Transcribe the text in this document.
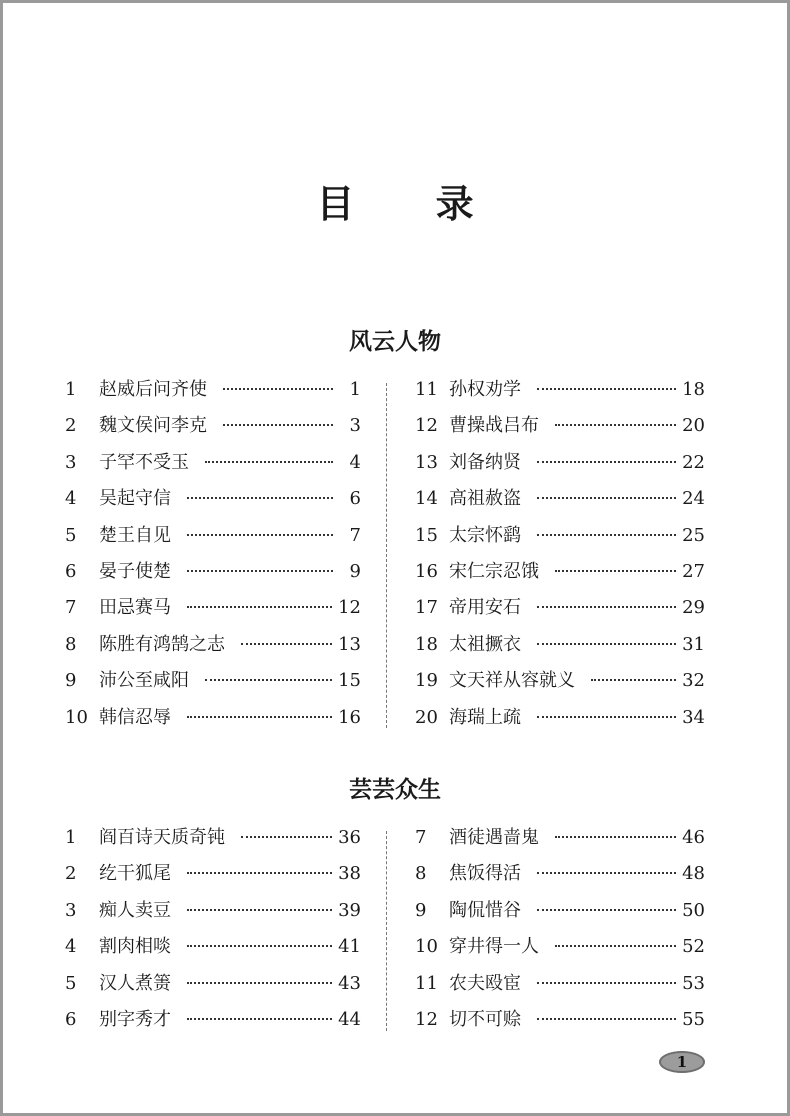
目 录
风云人物
1	赵威后问齐使	1
2	魏文侯问李克	3
3	子罕不受玉	4
4	吴起守信	6
5	楚王自见	7
6	晏子使楚	9
7	田忌赛马	12
8	陈胜有鸿鹄之志	13
9	沛公至咸阳	15
10 韩信忍辱	16
11 孙权劝学	18
12 曹操战吕布	20
13 刘备纳贤	22
14 高祖赦盗	24
15 太宗怀鹞	25
16 宋仁宗忍饿	27
17 帝用安石	29
18 太祖撅衣	31
19 文天祥从容就义	32
20 海瑞上疏	34
芸芸众生
1	阎百诗天质奇钝	36
2	纥干狐尾	38
3	痴人卖豆	39
4	割肉相啖	41
5	汉人煮箦	43
6	别字秀才	44
7	酒徒遇啬鬼	46
8	焦饭得活	48
9	陶侃惜谷	50
10 穿井得一人	52
11 农夫殴宦	53
12 切不可赊	55
1
